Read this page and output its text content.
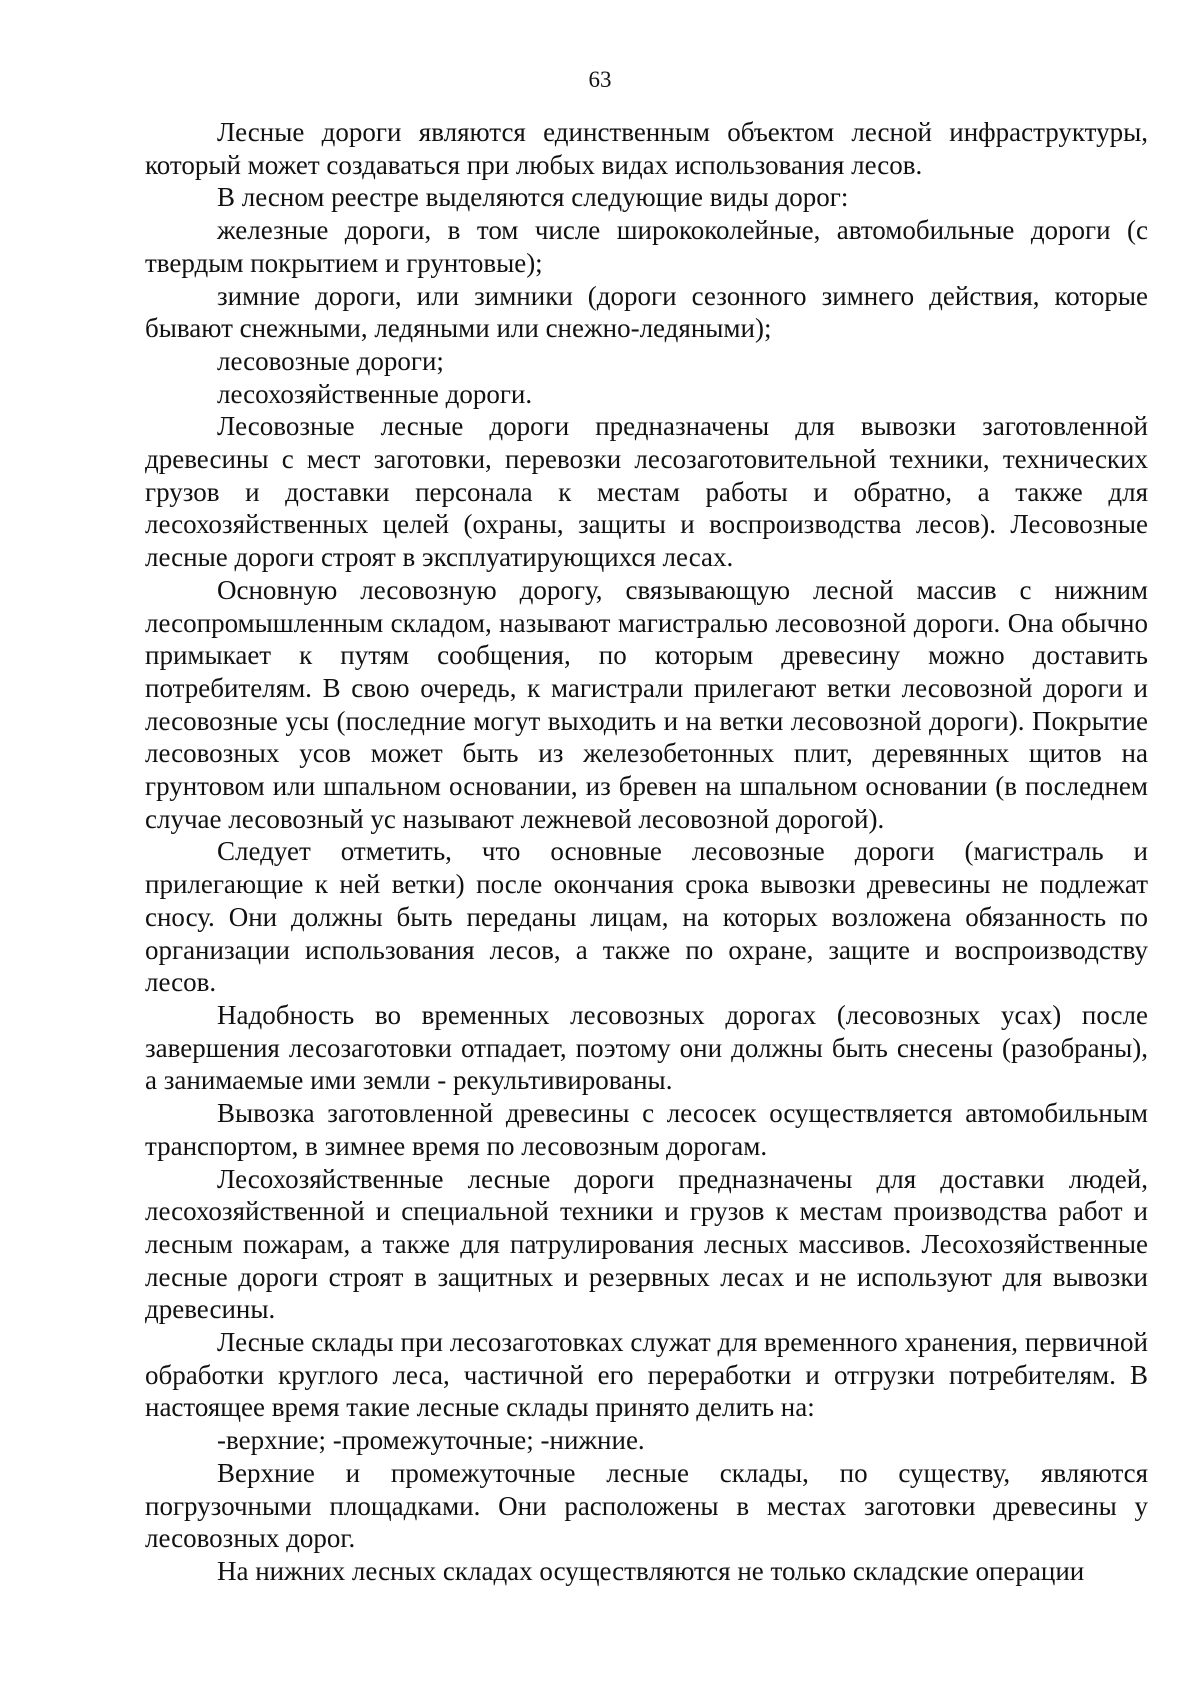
63

Лесные дороги являются единственным объектом лесной инфраструктуры, который может создаваться при любых видах использования лесов.

В лесном реестре выделяются следующие виды дорог:

железные дороги, в том числе ширококолейные, автомобильные дороги (с твердым покрытием и грунтовые);

зимние дороги, или зимники (дороги сезонного зимнего действия, которые бывают снежными, ледяными или снежно-ледяными);

лесовозные дороги;

лесохозяйственные дороги.

Лесовозные лесные дороги предназначены для вывозки заготовленной древесины с мест заготовки, перевозки лесозаготовительной техники, технических грузов и доставки персонала к местам работы и обратно, а также для лесохозяйственных целей (охраны, защиты и воспроизводства лесов). Лесовозные лесные дороги строят в эксплуатирующихся лесах.

Основную лесовозную дорогу, связывающую лесной массив с нижним лесопромышленным складом, называют магистралью лесовозной дороги. Она обычно примыкает к путям сообщения, по которым древесину можно доставить потребителям. В свою очередь, к магистрали прилегают ветки лесовозной дороги и лесовозные усы (последние могут выходить и на ветки лесовозной дороги). Покрытие лесовозных усов может быть из железобетонных плит, деревянных щитов на грунтовом или шпальном основании, из бревен на шпальном основании (в последнем случае лесовозный ус называют лежневой лесовозной дорогой).

Следует отметить, что основные лесовозные дороги (магистраль и прилегающие к ней ветки) после окончания срока вывозки древесины не подлежат сносу. Они должны быть переданы лицам, на которых возложена обязанность по организации использования лесов, а также по охране, защите и воспроизводству лесов.

Надобность во временных лесовозных дорогах (лесовозных усах) после завершения лесозаготовки отпадает, поэтому они должны быть снесены (разобраны), а занимаемые ими земли - рекультивированы.

Вывозка заготовленной древесины с лесосек осуществляется автомобильным транспортом, в зимнее время по лесовозным дорогам.

Лесохозяйственные лесные дороги предназначены для доставки людей, лесохозяйственной и специальной техники и грузов к местам производства работ и лесным пожарам, а также для патрулирования лесных массивов. Лесохозяйственные лесные дороги строят в защитных и резервных лесах и не используют для вывозки древесины.

Лесные склады при лесозаготовках служат для временного хранения, первичной обработки круглого леса, частичной его переработки и отгрузки потребителям. В настоящее время такие лесные склады принято делить на:

-верхние; -промежуточные; -нижние.

Верхние и промежуточные лесные склады, по существу, являются погрузочными площадками. Они расположены в местах заготовки древесины у лесовозных дорог.

На нижних лесных складах осуществляются не только складские операции
